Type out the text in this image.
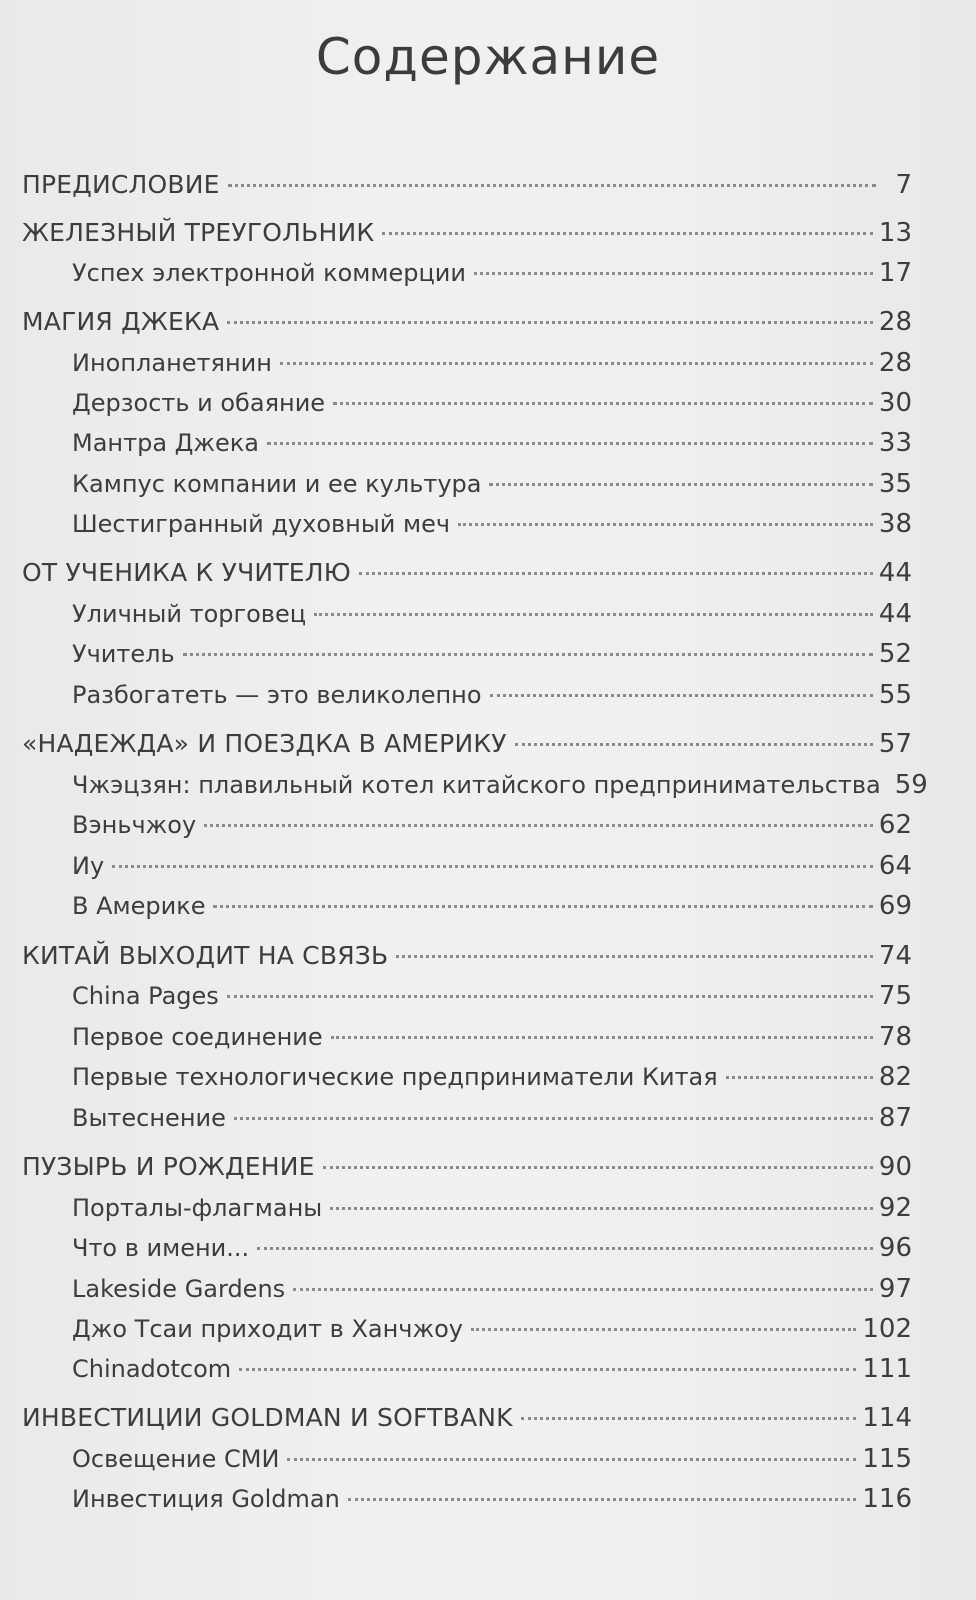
Содержание
ПРЕДИСЛОВИЕ	7
ЖЕЛЕЗНЫЙ ТРЕУГОЛЬНИК	13
Успех электронной коммерции	17
МАГИЯ ДЖЕКА	28
Инопланетянин	28
Дерзость и обаяние	30
Мантра Джека	33
Кампус компании и ее культура	35
Шестигранный духовный меч	38
ОТ УЧЕНИКА К УЧИТЕЛЮ	44
Уличный торговец	44
Учитель	52
Разбогатеть — это великолепно	55
«НАДЕЖДА» И ПОЕЗДКА В АМЕРИКУ	57
Чжэцзян: плавильный котел китайского предпринимательства 59
Вэньчжоу	62
Иу	64
В Америке	69
КИТАЙ ВЫХОДИТ НА СВЯЗЬ	74
China Pages	75
Первое соединение	78
Первые технологические предприниматели Китая	82
Вытеснение	87
ПУЗЫРЬ И РОЖДЕНИЕ	90
Порталы-флагманы	92
Что в имени...	96
Lakeside Gardens	97
Джо Тсаи приходит в Ханчжоу	102
Chinadotcom	111
ИНВЕСТИЦИИ GOLDMAN И SOFTBANK	114
Освещение СМИ	115
Инвестиция Goldman	116
